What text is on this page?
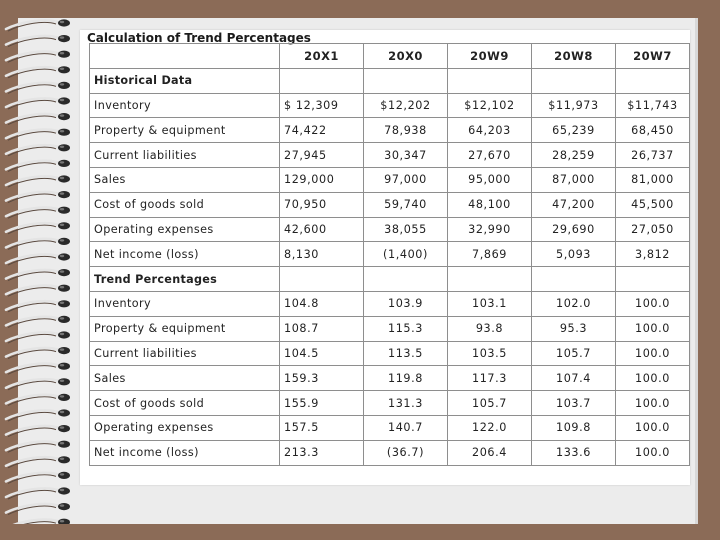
Calculation of Trend Percentages
	20X1	20X0	20W9	20W8	20W7
Historical Data					
Inventory	$ 12,309	$12,202	$12,102	$11,973	$11,743
Property & equipment	74,422	78,938	64,203	65,239	68,450
Current liabilities	27,945	30,347	27,670	28,259	26,737
Sales	129,000	97,000	95,000	87,000	81,000
Cost of goods sold	70,950	59,740	48,100	47,200	45,500
Operating expenses	42,600	38,055	32,990	29,690	27,050
Net income (loss)	8,130	(1,400)	7,869	5,093	3,812
Trend Percentages					
Inventory	104.8	103.9	103.1	102.0	100.0
Property & equipment	108.7	115.3	93.8	95.3	100.0
Current liabilities	104.5	113.5	103.5	105.7	100.0
Sales	159.3	119.8	117.3	107.4	100.0
Cost of goods sold	155.9	131.3	105.7	103.7	100.0
Operating expenses	157.5	140.7	122.0	109.8	100.0
Net income (loss)	213.3	(36.7)	206.4	133.6	100.0
